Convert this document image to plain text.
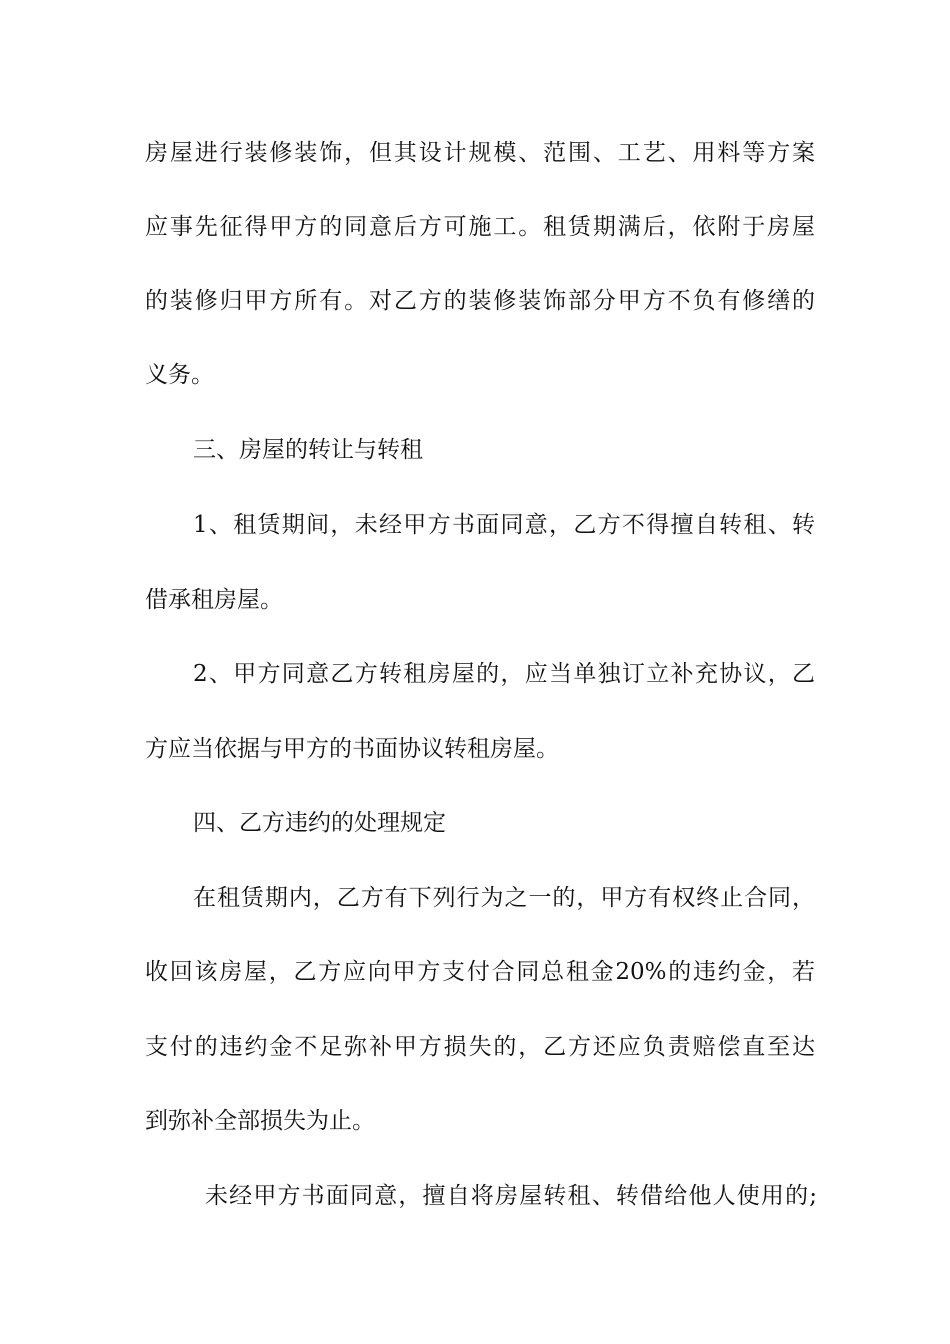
房屋进行装修装饰，但其设计规模、范围、工艺、用料等方案
应事先征得甲方的同意后方可施工。租赁期满后，依附于房屋
的装修归甲方所有。对乙方的装修装饰部分甲方不负有修缮的
义务。
三、房屋的转让与转租
1、租赁期间，未经甲方书面同意，乙方不得擅自转租、转
借承租房屋。
2、甲方同意乙方转租房屋的，应当单独订立补充协议，乙
方应当依据与甲方的书面协议转租房屋。
四、乙方违约的处理规定
在租赁期内，乙方有下列行为之一的，甲方有权终止合同，
收回该房屋，乙方应向甲方支付合同总租金20%的违约金，若
支付的违约金不足弥补甲方损失的，乙方还应负责赔偿直至达
到弥补全部损失为止。
未经甲方书面同意，擅自将房屋转租、转借给他人使用的;
